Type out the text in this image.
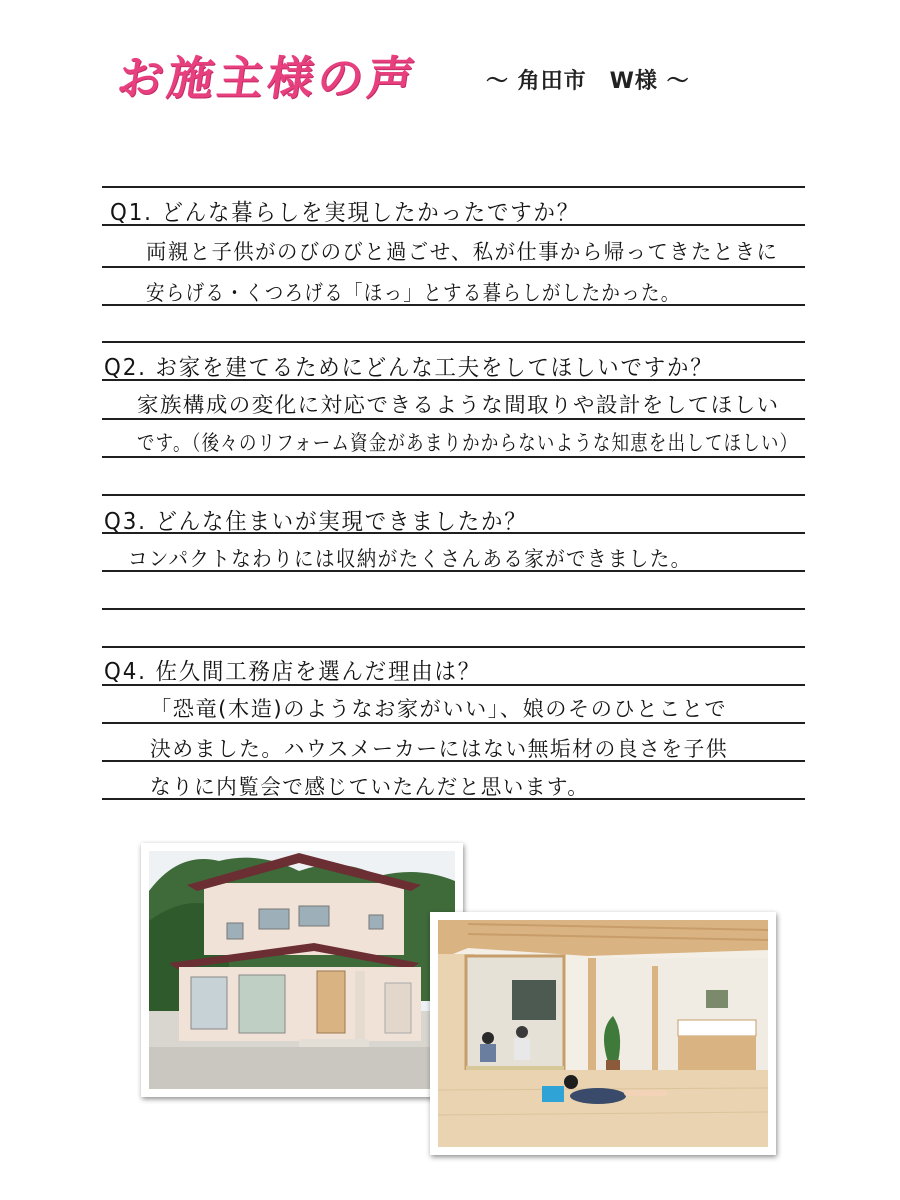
お施主様の声	～ 角田市　W様 ～
Q1. どんな暮らしを実現したかったですか？
両親と子供がのびのびと過ごせ、私が仕事から帰ってきたときに
安らげる・くつろげる「ほっ」とする暮らしがしたかった。
Q2. お家を建てるためにどんな工夫をしてほしいですか？
家族構成の変化に対応できるような間取りや設計をしてほしい
です。（後々のリフォーム資金があまりかからないような知恵を出してほしい）
Q3. どんな住まいが実現できましたか？
コンパクトなわりには収納がたくさんある家ができました。
Q4. 佐久間工務店を選んだ理由は？
「恐竜(木造)のようなお家がいい」、娘のそのひとことで
決めました。ハウスメーカーにはない無垢材の良さを子供
なりに内覧会で感じていたんだと思います。
